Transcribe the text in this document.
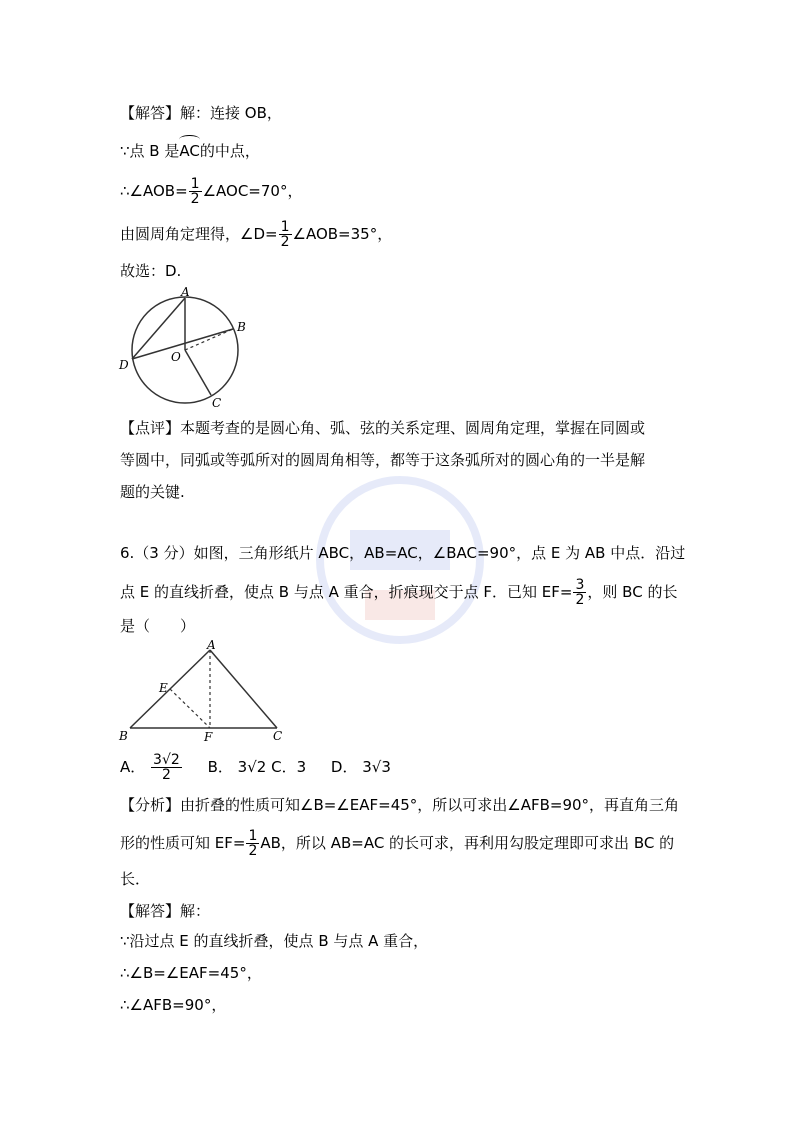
【解答】解：连接 OB，
∵点 B 是AC的中点，
∴∠AOB= $\frac{1}{2}$ ∠AOC=70°，
由圆周角定理得，∠D= $\frac{1}{2}$ ∠AOB=35°，
故选：D.
A
B
C
D
O
【点评】本题考查的是圆心角、弧、弦的关系定理、圆周角定理，掌握在同圆或
等圆中，同弧或等弧所对的圆周角相等，都等于这条弧所对的圆心角的一半是解
题的关键.
6.（3 分）如图，三角形纸片 ABC，AB=AC，∠BAC=90°，点 E 为 AB 中点．沿过
点 E 的直线折叠，使点 B 与点 A 重合，折痕现交于点 F．已知 $EF= \frac{3}{2}$ ，则 BC 的长
是（　　）
A
E
B	F	C
A． $\frac{3√2}{2}$ B． 3√2 C．3 D． 3√3
【分析】由折叠的性质可知∠B=∠EAF=45°，所以可求出∠AFB=90°，再直角三角
形的性质可知 $EF= \frac{1}{2}$ AB，所以 AB=AC 的长可求，再利用勾股定理即可求出 BC 的
长．
【解答】解：
∵沿过点 E 的直线折叠，使点 B 与点 A 重合，
∴∠B=∠EAF=45°，
∴∠AFB=90°，
